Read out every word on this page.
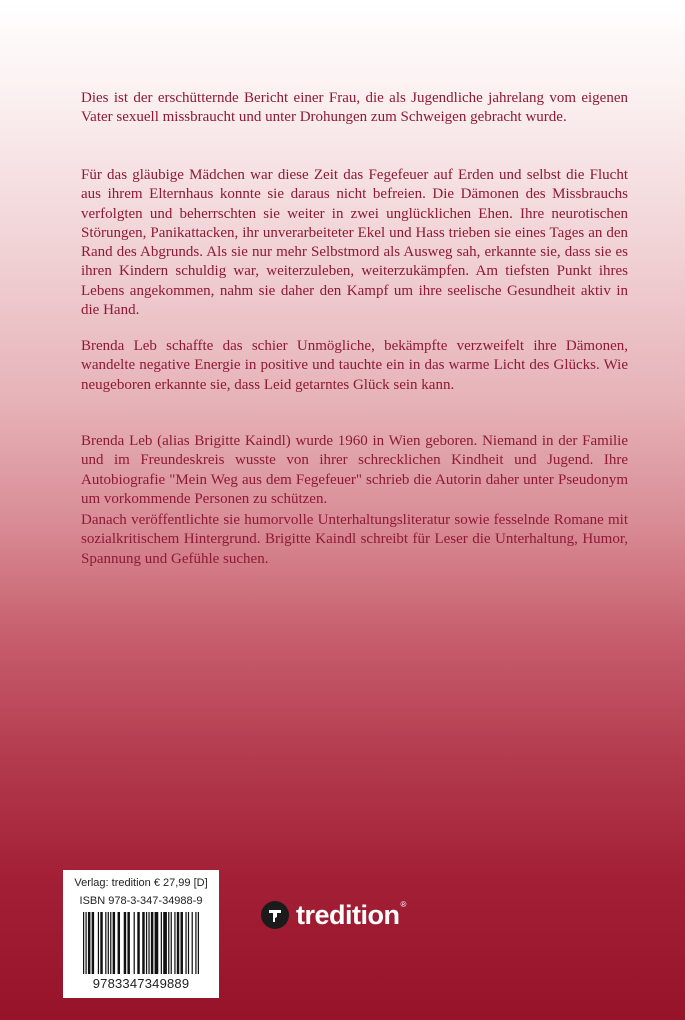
Dies ist der erschütternde Bericht einer Frau, die als Jugendliche jahrelang vom eigenen Vater sexuell missbraucht und unter Drohungen zum Schweigen gebracht wurde.

Für das gläubige Mädchen war diese Zeit das Fegefeuer auf Erden und selbst die Flucht aus ihrem Elternhaus konnte sie daraus nicht befreien. Die Dämonen des Missbrauchs verfolgten und beherrschten sie weiter in zwei unglücklichen Ehen. Ihre neurotischen Störungen, Panikattacken, ihr unverarbeiteter Ekel und Hass trieben sie eines Tages an den Rand des Abgrunds. Als sie nur mehr Selbstmord als Ausweg sah, erkannte sie, dass sie es ihren Kindern schuldig war, weiterzuleben, weiterzukämpfen. Am tiefsten Punkt ihres Lebens angekommen, nahm sie daher den Kampf um ihre seelische Gesundheit aktiv in die Hand.

Brenda Leb schaffte das schier Unmögliche, bekämpfte verzweifelt ihre Dämonen, wandelte negative Energie in positive und tauchte ein in das warme Licht des Glücks. Wie neugeboren erkannte sie, dass Leid getarntes Glück sein kann.

Brenda Leb (alias Brigitte Kaindl) wurde 1960 in Wien geboren. Niemand in der Familie und im Freundeskreis wusste von ihrer schrecklichen Kindheit und Jugend. Ihre Autobiografie "Mein Weg aus dem Fegefeuer" schrieb die Autorin daher unter Pseudonym um vorkommende Personen zu schützen.

Danach veröffentlichte sie humorvolle Unterhaltungsliteratur sowie fesselnde Romane mit sozialkritischem Hintergrund. Brigitte Kaindl schreibt für Leser die Unterhaltung, Humor, Spannung und Gefühle suchen.

Verlag: tredition € 27,99 [D]
ISBN 978-3-347-34988-9
9783347349889
tredition®
